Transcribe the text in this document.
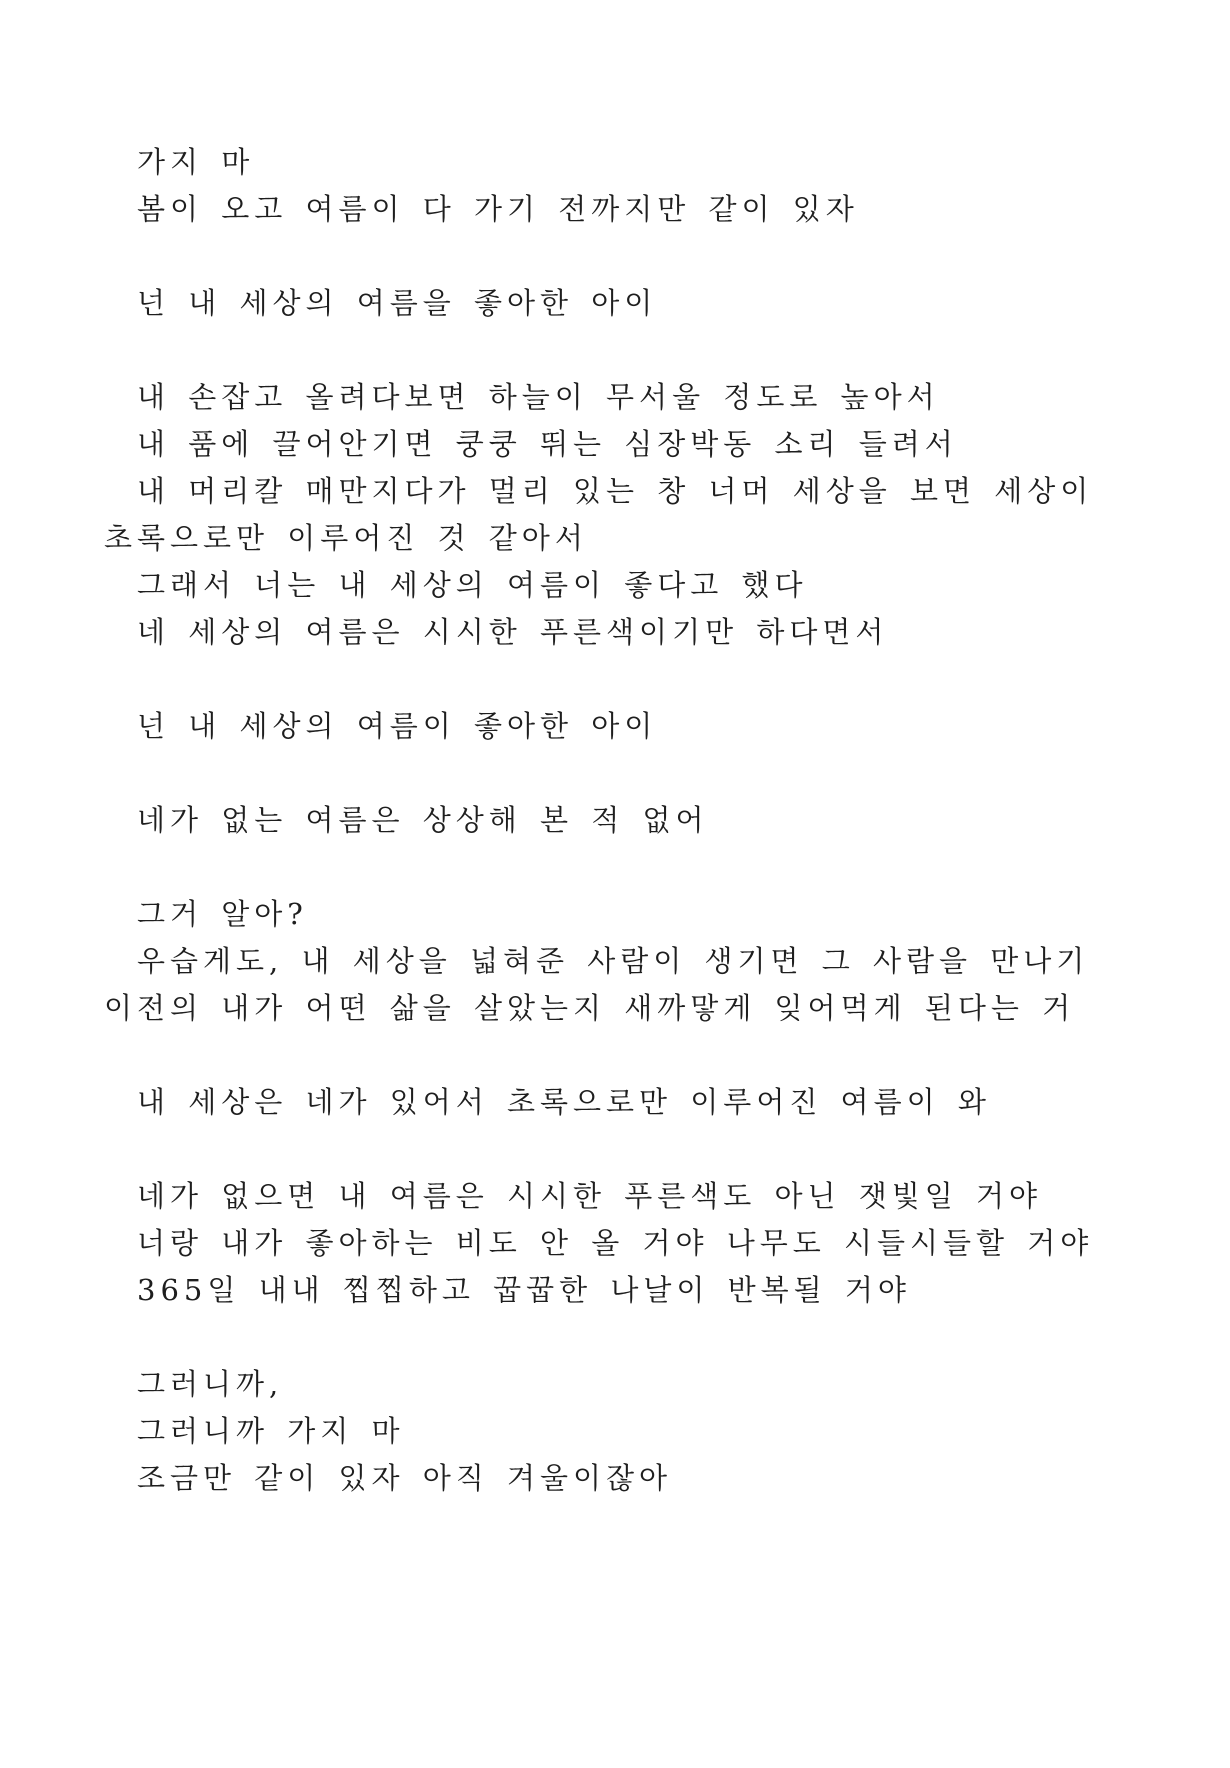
가지 마
봄이 오고 여름이 다 가기 전까지만 같이 있자
넌 내 세상의 여름을 좋아한 아이
내 손잡고 올려다보면 하늘이 무서울 정도로 높아서
내 품에 끌어안기면 쿵쿵 뛰는 심장박동 소리 들려서
내 머리칼 매만지다가 멀리 있는 창 너머 세상을 보면 세상이 초록으로만 이루어진 것 같아서
그래서 너는 내 세상의 여름이 좋다고 했다
네 세상의 여름은 시시한 푸른색이기만 하다면서
넌 내 세상의 여름이 좋아한 아이
네가 없는 여름은 상상해 본 적 없어
그거 알아?
우습게도, 내 세상을 넓혀준 사람이 생기면 그 사람을 만나기 이전의 내가 어떤 삶을 살았는지 새까맣게 잊어먹게 된다는 거
내 세상은 네가 있어서 초록으로만 이루어진 여름이 와
네가 없으면 내 여름은 시시한 푸른색도 아닌 잿빛일 거야
너랑 내가 좋아하는 비도 안 올 거야 나무도 시들시들할 거야
365일 내내 찝찝하고 꿉꿉한 나날이 반복될 거야
그러니까,
그러니까 가지 마
조금만 같이 있자 아직 겨울이잖아
